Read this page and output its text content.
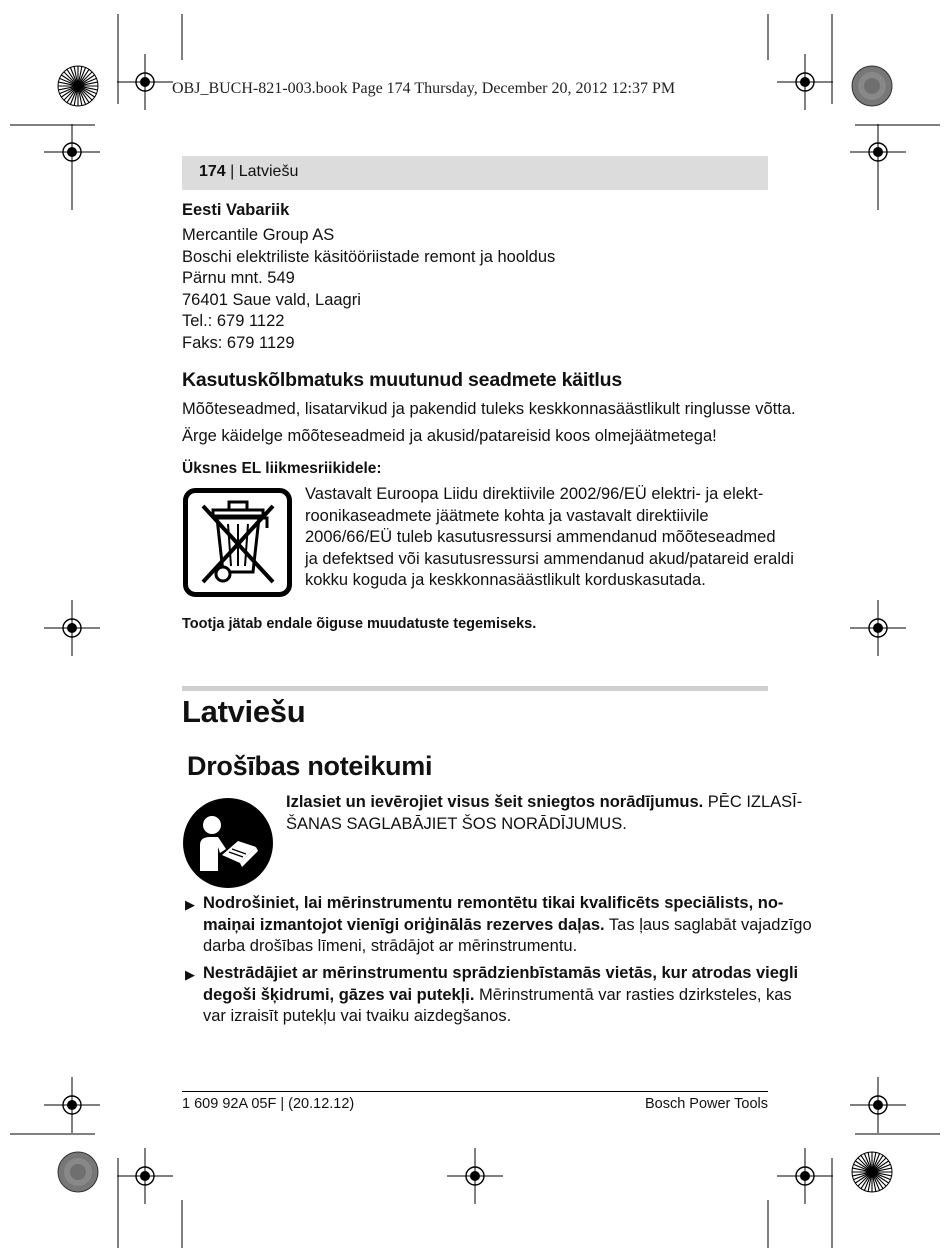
OBJ_BUCH-821-003.book Page 174 Thursday, December 20, 2012 12:37 PM
174 | Latviešu
Eesti Vabariik
Mercantile Group AS
Boschi elektriliste käsitööriistade remont ja hooldus
Pärnu mnt. 549
76401 Saue vald, Laagri
Tel.: 679 1122
Faks: 679 1129
Kasutuskõlbmatuks muutunud seadmete käitlus
Mõõteseadmed, lisatarvikud ja pakendid tuleks keskkonnasäästlikult ringlusse võtta.
Ärge käidelge mõõteseadmeid ja akusid/patareisid koos olmejäätmetega!
Üksnes EL liikmesriikidele:
Vastavalt Euroopa Liidu direktiivile 2002/96/EÜ elektri- ja elekt-
roonikaseadmete jäätmete kohta ja vastavalt direktiivile
2006/66/EÜ tuleb kasutusressursi ammendanud mõõteseadmed
ja defektsed või kasutusressursi ammendanud akud/patareid eraldi
kokku koguda ja keskkonnasäästlikult korduskasutada.
Tootja jätab endale õiguse muudatuste tegemiseks.
Latviešu
Drošības noteikumi
Izlasiet un ievērojiet visus šeit sniegtos norādījumus. PĒC IZLASĪ-
ŠANAS SAGLABĀJIET ŠOS NORĀDĪJUMUS.
▶ Nodrošiniet, lai mērinstrumentu remontētu tikai kvalificēts speciālists, no-
maiņai izmantojot vienīgi oriģinālās rezerves daļas. Tas ļaus saglabāt vajadzīgo
darba drošības līmeni, strādājot ar mērinstrumentu.
▶ Nestrādājiet ar mērinstrumentu sprādzienbīstamās vietās, kur atrodas viegli
degoši šķidrumi, gāzes vai putekļi. Mērinstrumentā var rasties dzirksteles, kas
var izraisīt putekļu vai tvaiku aizdegšanos.
1 609 92A 05F | (20.12.12)	Bosch Power Tools
